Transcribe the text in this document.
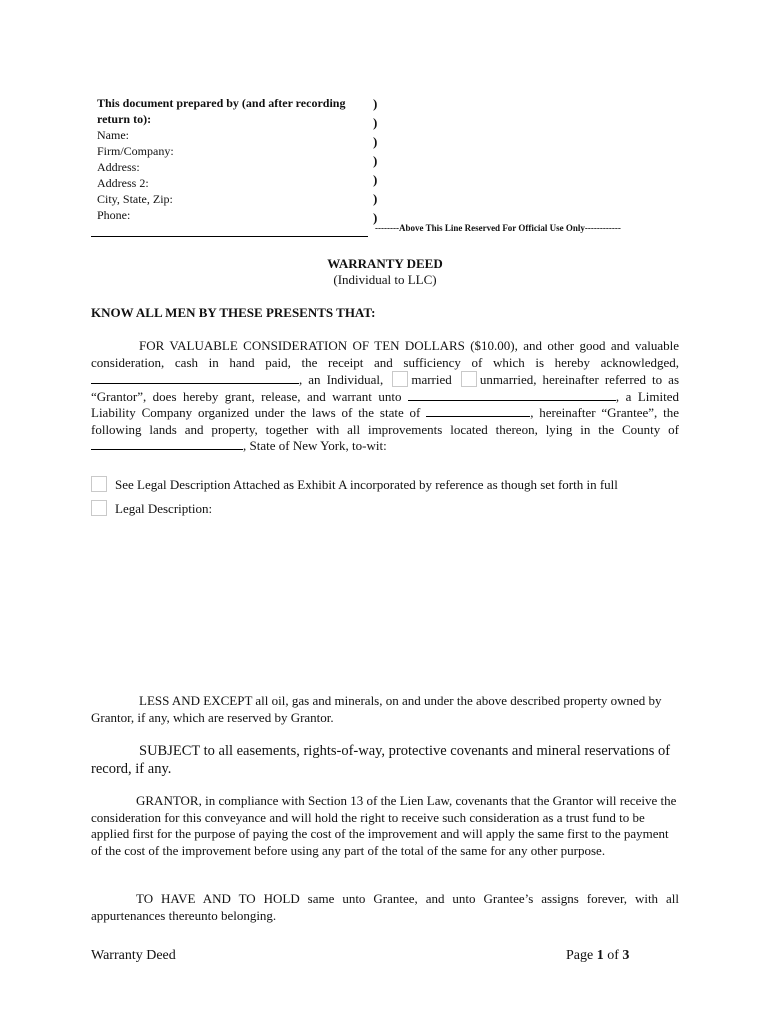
This document prepared by (and after recording
return to):
Name:
Firm/Company:
Address:
Address 2:
City, State, Zip:
Phone:
)
)
)
)
)
)
)
--------Above This Line Reserved For Official Use Only------------
WARRANTY DEED
(Individual to LLC)
KNOW ALL MEN BY THESE PRESENTS THAT:
FOR VALUABLE CONSIDERATION OF TEN DOLLARS ($10.00), and other good and valuable consideration, cash in hand paid, the receipt and sufficiency of which is hereby acknowledged, , an Individual, married unmarried, hereinafter referred to as “Grantor”, does hereby grant, release, and warrant unto	, a Limited Liability Company organized under the laws of the state of	, hereinafter “Grantee”, the following lands and property, together with all improvements located thereon, lying in the County of , State of New York, to-wit:
See Legal Description Attached as Exhibit A incorporated by reference as though set forth in full
Legal Description:
LESS AND EXCEPT all oil, gas and minerals, on and under the above described property owned by Grantor, if any, which are reserved by Grantor.
SUBJECT to all easements, rights-of-way, protective covenants and mineral reservations of record, if any.
GRANTOR, in compliance with Section 13 of the Lien Law, covenants that the Grantor will receive the consideration for this conveyance and will hold the right to receive such consideration as a trust fund to be applied first for the purpose of paying the cost of the improvement and will apply the same first to the payment of the cost of the improvement before using any part of the total of the same for any other purpose.
TO HAVE AND TO HOLD same unto Grantee, and unto Grantee’s assigns forever, with all appurtenances thereunto belonging.
Warranty Deed	Page 1 of 3
